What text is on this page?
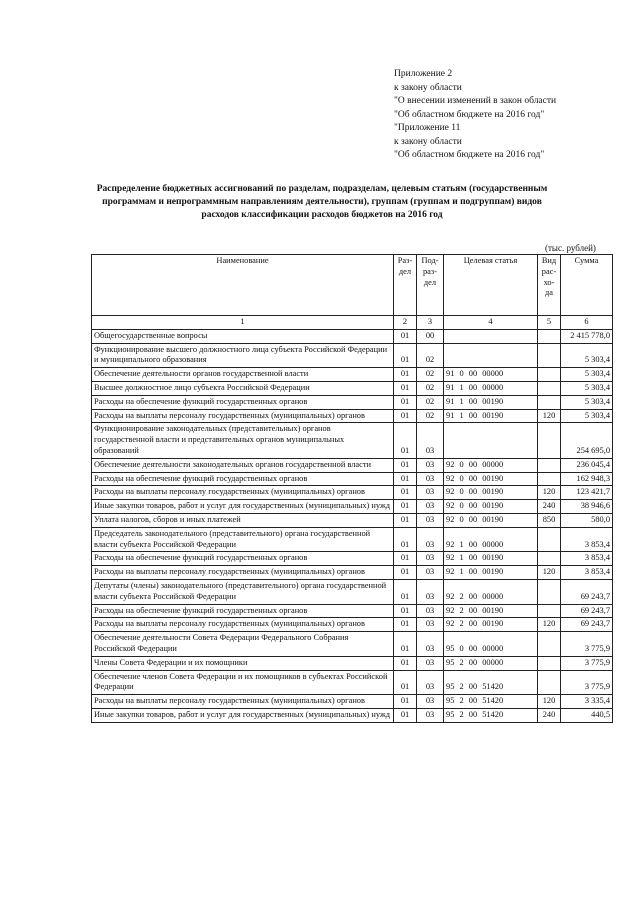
Приложение 2
к закону области
"О внесении изменений в закон области
"Об областном бюджете на 2016 год"
"Приложение 11
к закону области
"Об областном бюджете на 2016 год"
Распределение бюджетных ассигнований по разделам, подразделам, целевым статьям (государственным программам и непрограммным направлениям деятельности), группам (группам и подгруппам) видов расходов классификации расходов бюджетов на 2016 год
(тыс. рублей)
Наименование	Раз- дел	Под- раз- дел	Целевая статья	Вид рас- хо- да	Сумма
1	2	3	4	5	6
Общегосударственные вопросы	01	00			2 415 778,0
Функционирование высшего должностного лица субъекта Российской Федерации и муниципального образования	01	02			5 303,4
Обеспечение деятельности органов государственной власти	01	02	91 0 00 00000		5 303,4
Высшее должностное лицо субъекта Российской Федерации	01	02	91 1 00 00000		5 303,4
Расходы на обеспечение функций государственных органов	01	02	91 1 00 00190		5 303,4
Расходы на выплаты персоналу государственных (муниципальных) органов	01	02	91 1 00 00190	120	5 303,4
Функционирование законодательных (представительных) органов государственной власти и представительных органов муниципальных образований	01	03			254 695,0
Обеспечение деятельности законодательных органов государственной власти	01	03	92 0 00 00000		236 045,4
Расходы на обеспечение функций государственных органов	01	03	92 0 00 00190		162 948,3
Расходы на выплаты персоналу государственных (муниципальных) органов	01	03	92 0 00 00190	120	123 421,7
Иные закупки товаров, работ и услуг для государственных (муниципальных) нужд	01	03	92 0 00 00190	240	38 946,6
Уплата налогов, сборов и иных платежей	01	03	92 0 00 00190	850	580,0
Председатель законодательного (представительного) органа государственной власти субъекта Российской Федерации	01	03	92 1 00 00000		3 853,4
Расходы на обеспечение функций государственных органов	01	03	92 1 00 00190		3 853,4
Расходы на выплаты персоналу государственных (муниципальных) органов	01	03	92 1 00 00190	120	3 853,4
Депутаты (члены) законодательного (представительного) органа государственной власти субъекта Российской Федерации	01	03	92 2 00 00000		69 243,7
Расходы на обеспечение функций государственных органов	01	03	92 2 00 00190		69 243,7
Расходы на выплаты персоналу государственных (муниципальных) органов	01	03	92 2 00 00190	120	69 243,7
Обеспечение деятельности Совета Федерации Федерального Собрания Российской Федерации	01	03	95 0 00 00000		3 775,9
Члены Совета Федерации и их помощники	01	03	95 2 00 00000		3 775,9
Обеспечение членов Совета Федерации и их помощников в субъектах Российской Федерации	01	03	95 2 00 51420		3 775,9
Расходы на выплаты персоналу государственных (муниципальных) органов	01	03	95 2 00 51420	120	3 335,4
Иные закупки товаров, работ и услуг для государственных (муниципальных) нужд	01	03	95 2 00 51420	240	440,5
